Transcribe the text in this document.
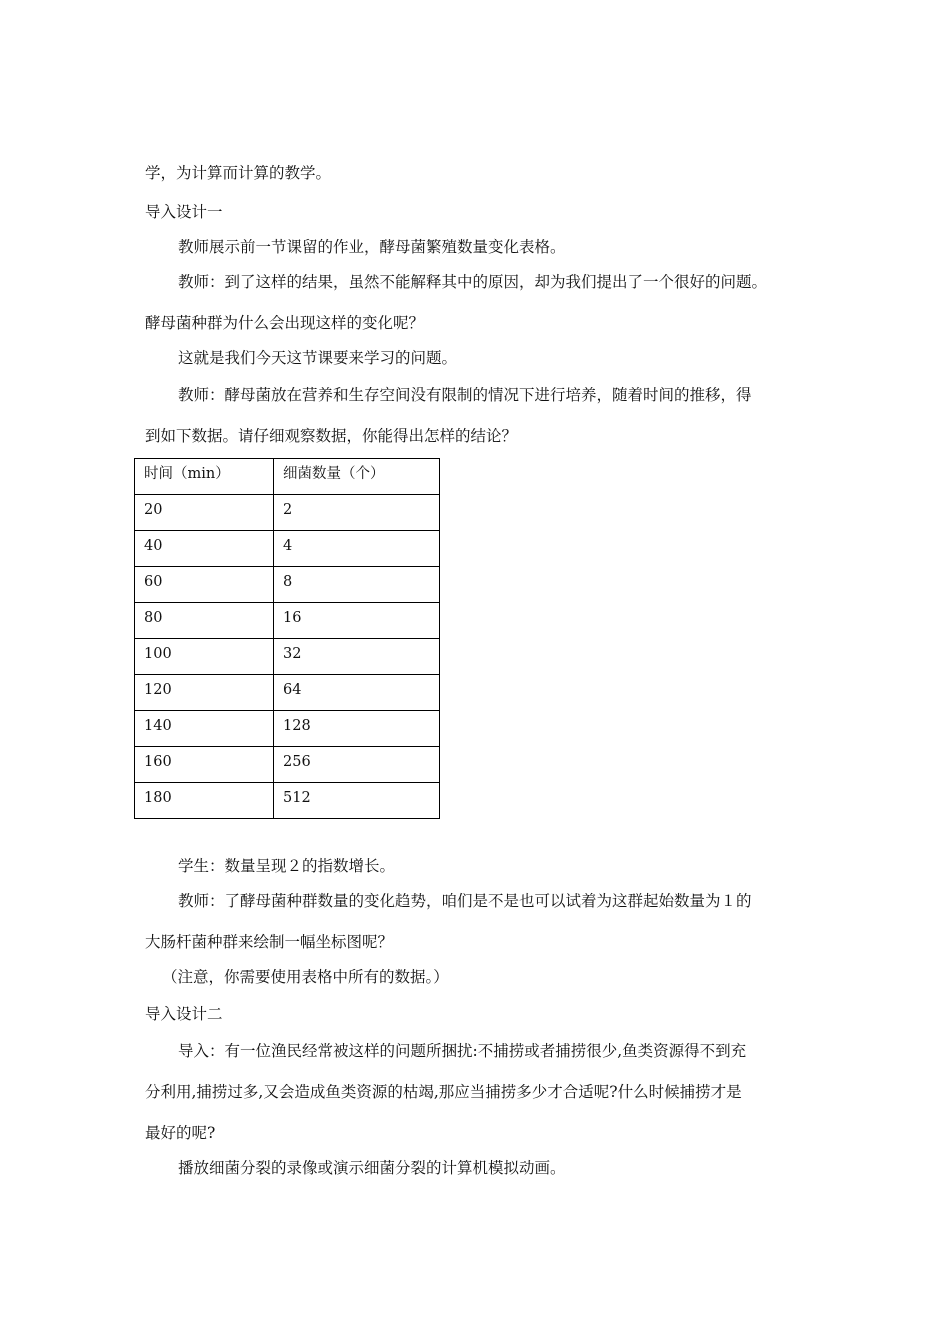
学，为计算而计算的教学。
导入设计一
教师展示前一节课留的作业，酵母菌繁殖数量变化表格。
教师：到了这样的结果，虽然不能解释其中的原因，却为我们提出了一个很好的问题。
酵母菌种群为什么会出现这样的变化呢？
这就是我们今天这节课要来学习的问题。
教师：酵母菌放在营养和生存空间没有限制的情况下进行培养，随着时间的推移，得
到如下数据。请仔细观察数据，你能得出怎样的结论？
时间（min）	细菌数量（个）
20	2
40	4
60	8
80	16
100	32
120	64
140	128
160	256
180	512
学生：数量呈现２的指数增长。
教师：了酵母菌种群数量的变化趋势，咱们是不是也可以试着为这群起始数量为１的
大肠杆菌种群来绘制一幅坐标图呢？
（注意，你需要使用表格中所有的数据。）
导入设计二
导入：有一位渔民经常被这样的问题所捆扰:不捕捞或者捕捞很少,鱼类资源得不到充
分利用,捕捞过多,又会造成鱼类资源的枯竭,那应当捕捞多少才合适呢?什么时候捕捞才是
最好的呢?
播放细菌分裂的录像或演示细菌分裂的计算机模拟动画。
